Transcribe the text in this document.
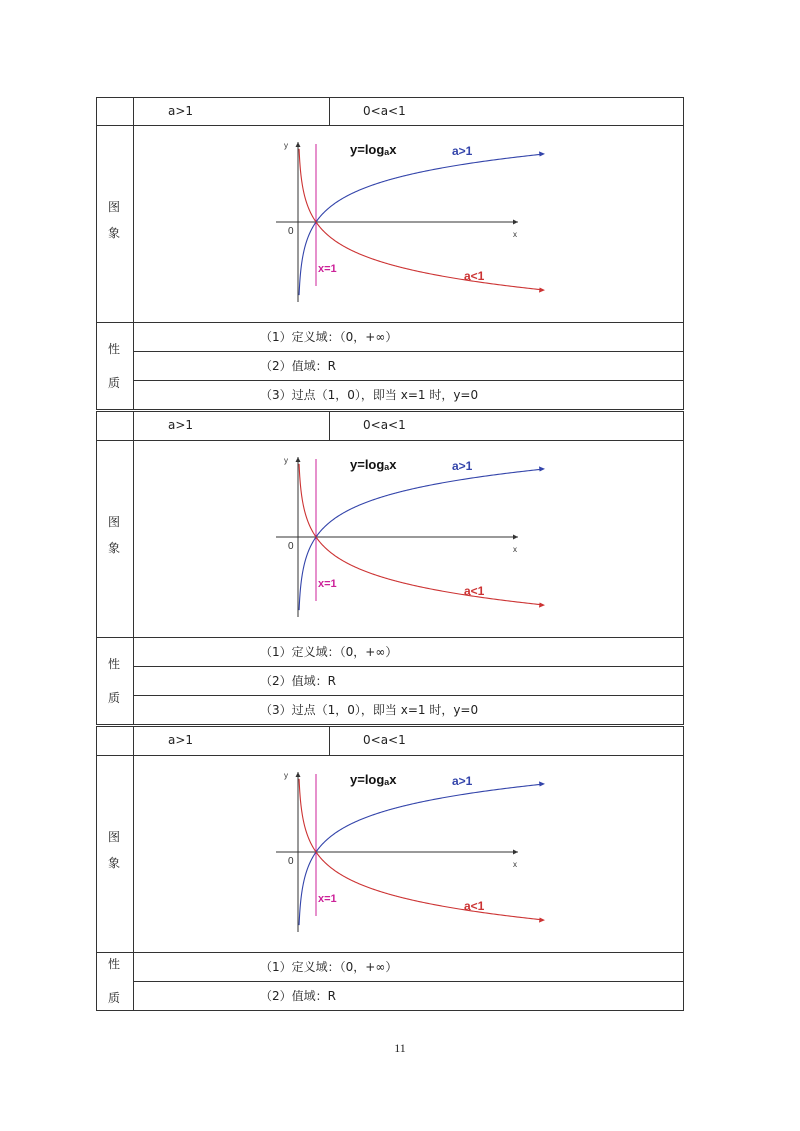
a>1	0<a<1
图
象
性
质
（1）定义域：（0，+∞）
（2）值域：R
（3）过点（1，0），即当 x=1 时，y=0
y=logₐx	a>1
a<1
x=1
y
x
0
a>1	0<a<1
图
象
性
质
（1）定义域：（0，+∞）
（2）值域：R
（3）过点（1，0），即当 x=1 时，y=0
y=logₐx	a>1
a<1
x=1
y
x
0
a>1	0<a<1
图
象
性
质
（1）定义域：（0，+∞）
（2）值域：R
y=logₐx	a>1
a<1
x=1
y
x
0
11
